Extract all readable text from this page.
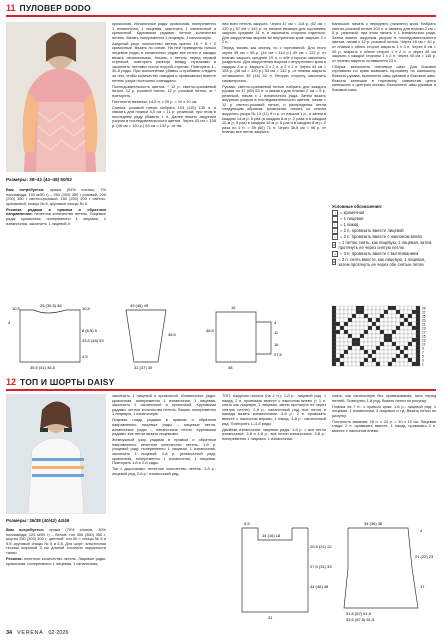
11 ПУЛОВЕР DODO
Размеры: 38–42 (44–48) 50/52

Вам потребуется: пряжа (93% хлопка, 7% полиамида; 100 м/50 г) – 250 (300) 350 г розовой, 200 (200) 350 г светло-розовой, 150 (200) 200 г светло-оранжевой, спицы № 5, круговые спицы № 5.

Резинка рядами в прямом и обратном направлении: нечетное количество петель. Лицевые ряды: кромочная, попеременно 1 лицевая, 1 изнаночная, закончить 1 лицевой и

кромочная. Изнаночные ряды: кромочная, попеременно 1 изнаночная, 1 лицевая, закончить 1 изнаночной и кромочной. Круговыми рядами: четное количество петель. Вязать попеременно 1 лицевую, 1 изнаночную.

Ажурный узор: количество петель кратно 16 + 5 + 2 кромочные. Вязать по схеме. На ней приведены только лицевые ряды; в изнаночных рядах все петли и накиды вязать изнаночными. Начать с петель перед первой стрелкой, повторять раппорт между стрелками и закончить петлями после второй стрелки. Повторить 1–30-й ряды. При выполнении убавок и прибавок следить за тем, чтобы количество накидов и провязанных вместе петель узора постоянно совпадало.

Последовательность цветов: * 12 р. светло-оранжевой нитью, 12 р. розовой нитью, 12 р. розовой нитью, от * повторять.

Плотность вязания: 14,5 п. x 25 р. = 10 x 10 см.

Спинка: розовой нитью набрать 103 (119) 135 п. и связать для планки 4,5 см = 11 р. резинкой, при этом в последнем ряду убавить 1 п. Далее вязать ажурным узором в последовательности цветов. Через 43 см = 108 р. (48 см = 120 р.) 53 см = 132 р. от на-

ния всех петель закрыть. Через 47 см = 118 р. (52 см = 130 р.) 57 см = 142 р. от начала вязания для горловины закрыть средние 31 п. и закончить стороны отдельно. Для закругления выреза во внутреннем крае закрыть 2 х 2 п.

Перед: вязать как спинку, но с горловиной. Для этого через 39 см = 98 р. (44 см = 110 р.) 49 см = 122 р. от планки закрыть средние 19 п. и обе стороны закончить раздельно. Для закругления выреза с внутреннего края в каждом 2-м р. закрыть 3 х 2 п. и 2 х 1 п. Через 43 см = 108 р. (48 см = 120 р.) 53 см = 132 р. от планки закрыть оставшиеся 36 (44) 52 п. Вторую сторону закончить симметрично.

Рукава: светло-оранжевой нитью набрать для каждого рукава по 47 (69) 53 п. и связать для планки 2 см = 5 р. резинкой, начав с 1 изнаночного ряда. Затем вязать ажурным узором в последовательности цветов, начав с 12 р. светло-розовой нитью, и распределяя петли следующим образом: кромочная, начать со ствола ажурного узора № 13 (11) 9 и р. от начала 1 р., в затем в каждом 14-м р. 5 раз (в каждом 8-м р. 2 раза и в каждом 10-м р. 5 раз) в каждом 10-м р. 6 раз и в каждом 8-м р. 2 раза по 1 п. = 59 (65) 71 п. Через 38,5 см = 96 р. от планки все петли закрыть.

Капюшон: начать с переднего (нижнего) края. Набрать светло-розовой нитью 103 п. и связать для планки 2 см = 5 р. резинкой, при этом начать с 1 изнаночного ряда. Затем вязать ажурным узором в последовательности цветов, начав с 12 р. розовой нитью. Через 16 см = 40 р. от планки с обеих сторон закрыть 1 х 3 п. Через 8 см = 20 р. закрыть с обеих сторон 1 х 2 п. и через 28 см закрыть с каждой стороны 1 х 2 п. Через 40 см = 116 р. от планки закрыть оставшиеся 23 п.

Сборка: выполнить плечевые швы. Для боковин горловины по краю вывязать горловину по капюшону. Втачать рукава, выполнить швы рукавов и боковые швы. Втачать капюшон в горловину, совместив центр капюшона с центром спинки. Выполнить швы рукавов и боковые швы.

Условные обозначения:
▪	= кромочная
= 1 лицевая
○ = 1 накид
/	= 2 п. провязать вместе лицевой
\	= 2 п. провязать вместе с наклоном влево
ᐱ
= 1 петлю снять, как лицевую, 1 лицевая, затем протянуть ее через снятую петлю
ʌ	= 3 п. провязать вместе с вытягиванием
ᐃ
= 2 п. снять вместе, как лицевую, 1 лицевая, затем протянуть ее через обе снятые петли
10,5
25 (30,5) 36
10,5
4
8 (6,5) 5
43,5 (48) 53
4,5
35,5 (41) 46,5
49 (45) 49
38,5
32 (37) 30
16
46,5
4
11
16
27,5
48
29
27
25
23
21
19
17
15
13
11
9
7
5
3
1
12 ТОП И ШОРТЫ DAISY
Размеры: 36/38 (40/42) 44/46

Вам потребуется: пряжа (70% хлопка, 30% полиамида; 125 м/50 г) – белой: топ 300 (350) 350 г, шорты 250 (300) 300 г; цветной: топ 50 г; спицы № 5 и 5,5; круговые спицы № 5 и 5,5. Для шорт: эластичная тесьма шириной 3 см длиной согласно окружности талии.

Резинка: нечетное количество петель. Лицевые ряды: кромочная, попеременно 1 лицевая, 1 изнаночная,

закончить 1 лицевой и кромочной. Изнаночные ряды: кромочная, попеременно 1 изнаночная, 1 лицевая, закончить 1 изнаночной и кромочной. Круговыми рядами: четное количество петель. Вязать попеременно 1 лицевую, 1 изнаночную.

Лицевая гладь рядами в прямом и обратном направлении: лицевые ряды – лицевые петли, изнаночные ряды – изнаночные петли. Круговыми рядами: все петли вязать лицевыми.

Жемчужный узор рядами в прямом и обратном направлении: нечетное количество петель. 1-й р. (лицевой ряд): попеременно 1 лицевая, 1 изнаночная, закончить 1 лицевой. 2-й р. (изнаночный ряд): кромочная, попеременно 1 изнаночная, 1 лицевая. Повторять 1-й и 2-й ряды.

Топ с дырочками: нечетное количество петель. 1-й р.: лицевой ряд, 2-й р.: изнаночный ряд.

ТОП. Ажурная полоса (на 2 п.): 1-й р.: лицевой ряд, 1 накид, 2 п. провязать вместе с наклоном влево (= 1 п. снять как лицевую, 1 лицевая, затем протянуть ее через снятую петлю). 2-й р.: изнаночный ряд, все петли и накиды вязать изнаночными. 3-й р.: 2 п. провязать вместе с наклоном вправо, 1 накид. 4-й р.: изнаночный ряд. Повторить 1–4-й ряды.

Двойная изнаночная: лицевые ряды: 1-й р. = все петли изнаночные. 2-й и 4-й р.: все петли изнаночные. 3-й р.: попеременно 1 лицевая, 1 изнаночная.

снять, как изнаночную без провязывания, нить перед петлей. Повторять 1-й ряд. Вязать петли по рисунку.

Планка на 7 п.: с правого края: 1-й р.: лицевой ряд: 1 лицевая, 1 изнаночная, 3 лицевые и т.д. Вязать петли по рисунку.

Плотность вязания: 18 п. x 24 р. = 10 x 10 см. Лицевая гладь: 2 п. провязать вместе, 1 накид, провязать 2 п. вместе с наклоном влево.

9,5
14 (16) 18
20,5 (21) 22
27,5 (31) 33
44 (46) 48
31
34 (36) 38
4
21 (22) 23
17
51,5 (57) 61,5
53,5 (57,5) 61,5
34 VERENA 02·2026
